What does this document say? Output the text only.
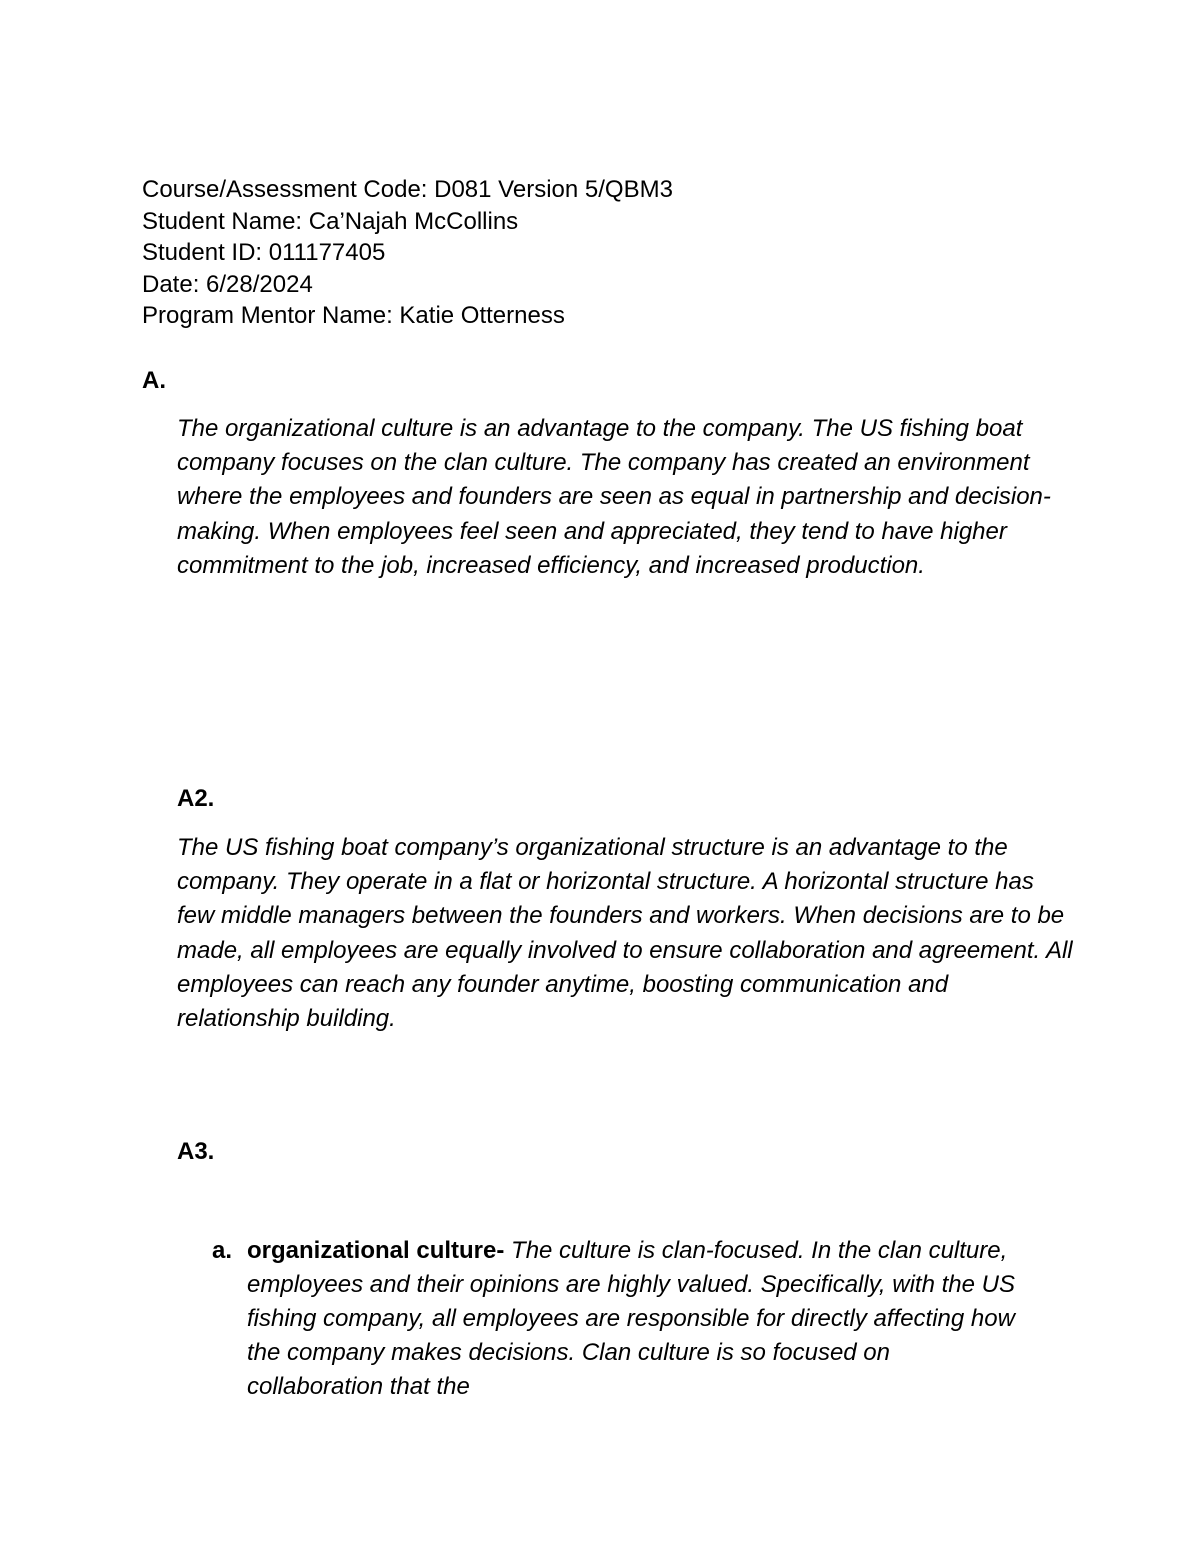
Course/Assessment Code: D081 Version 5/QBM3
Student Name: Ca’Najah McCollins
Student ID: 011177405
Date: 6/28/2024
Program Mentor Name: Katie Otterness
A.
The organizational culture is an advantage to the company. The US fishing boat company focuses on the clan culture. The company has created an environment where the employees and founders are seen as equal in partnership and decision-making. When employees feel seen and appreciated, they tend to have higher commitment to the job, increased efficiency, and increased production.
A2.
The US fishing boat company’s organizational structure is an advantage to the company. They operate in a flat or horizontal structure. A horizontal structure has few middle managers between the founders and workers. When decisions are to be made, all employees are equally involved to ensure collaboration and agreement. All employees can reach any founder anytime, boosting communication and relationship building.
A3.
a. organizational culture- The culture is clan-focused. In the clan culture, employees and their opinions are highly valued. Specifically, with the US fishing company, all employees are responsible for directly affecting how the company makes decisions. Clan culture is so focused on collaboration that the
